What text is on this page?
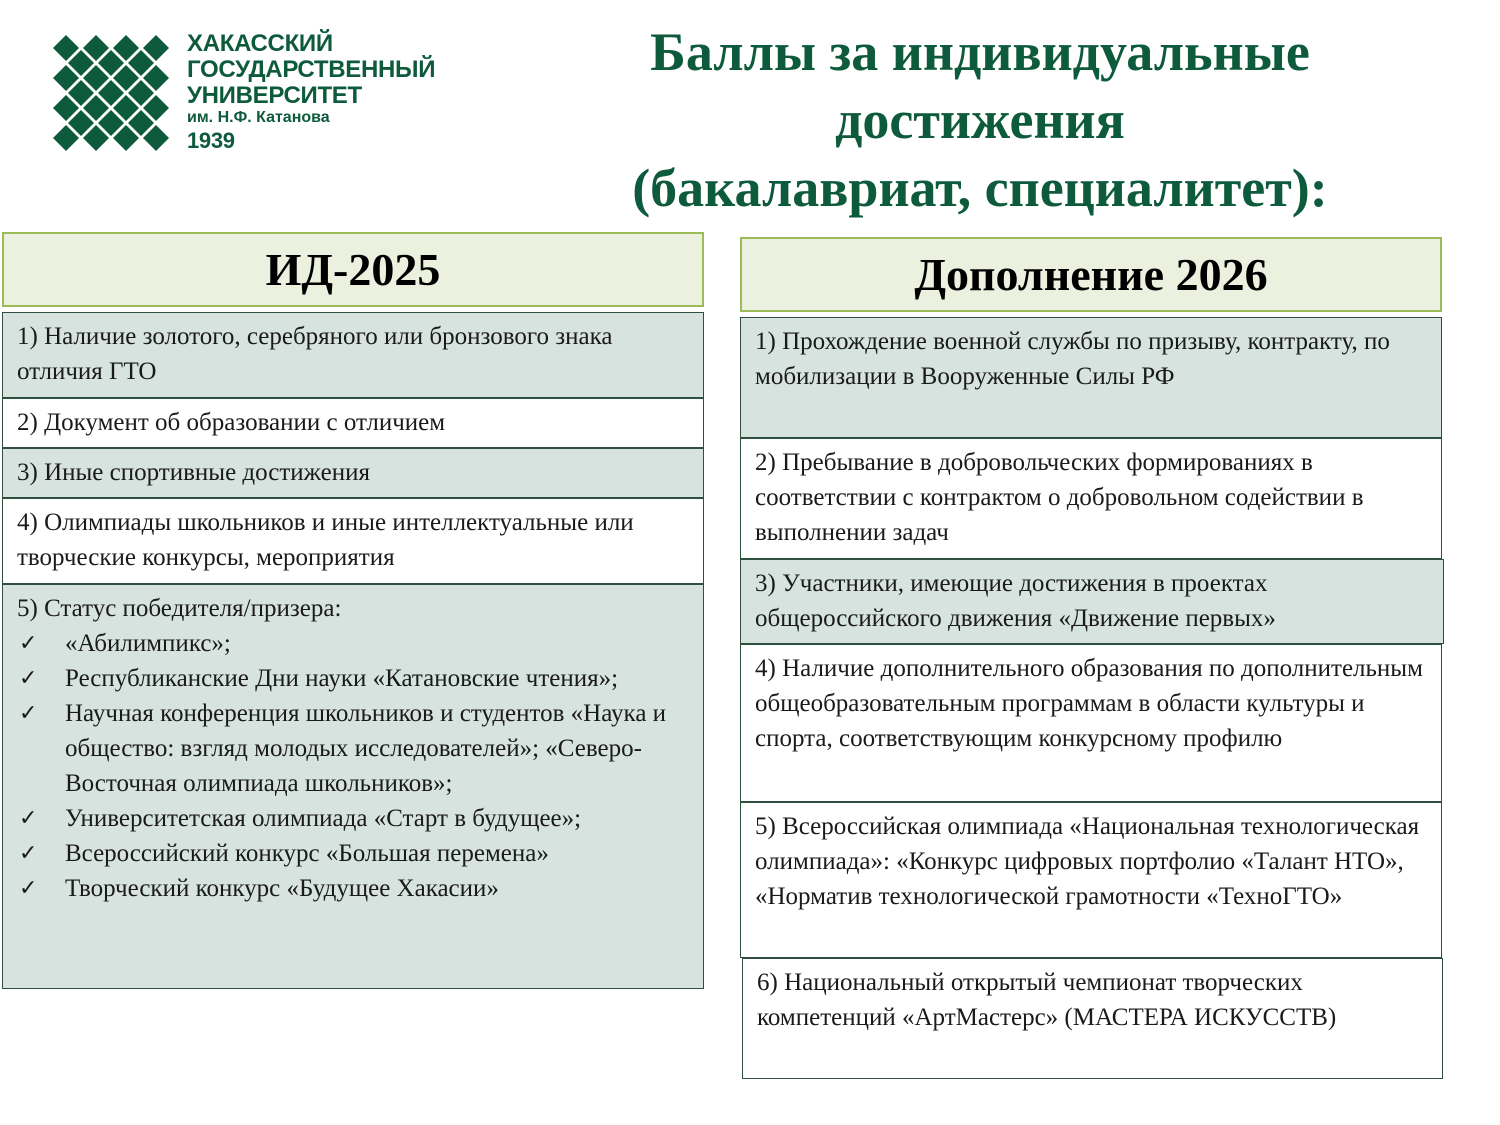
ХАКАССКИЙ
ГОСУДАРСТВЕННЫЙ
УНИВЕРСИТЕТ
им. Н.Ф. Катанова
1939
Баллы за индивидуальные
достижения
(бакалавриат, специалитет):
ИД-2025
1) Наличие золотого, серебряного или бронзового знака отличия ГТО
2) Документ об образовании с отличием
3) Иные спортивные достижения
4) Олимпиады школьников и иные интеллектуальные или творческие конкурсы, мероприятия
5) Статус победителя/призера:
✓ «Абилимпикс»;
✓ Республиканские Дни науки «Катановские чтения»;
✓ Научная конференция школьников и студентов «Наука и общество: взгляд молодых исследователей»; «Северо-Восточная олимпиада школьников»;
✓ Университетская олимпиада «Старт в будущее»;
✓ Всероссийский конкурс «Большая перемена»
✓ Творческий конкурс «Будущее Хакасии»
Дополнение 2026
1) Прохождение военной службы по призыву, контракту, по мобилизации в Вооруженные Силы РФ
2) Пребывание в добровольческих формированиях в соответствии с контрактом о добровольном содействии в выполнении задач
3) Участники, имеющие достижения в проектах общероссийского движения «Движение первых»
4) Наличие дополнительного образования по дополнительным общеобразовательным программам в области культуры и спорта, соответствующим конкурсному профилю
5) Всероссийская олимпиада «Национальная технологическая олимпиада»: «Конкурс цифровых портфолио «Талант НТО», «Норматив технологической грамотности «ТехноГТО»
6) Национальный открытый чемпионат творческих компетенций «АртМастерс» (МАСТЕРА ИСКУССТВ)
